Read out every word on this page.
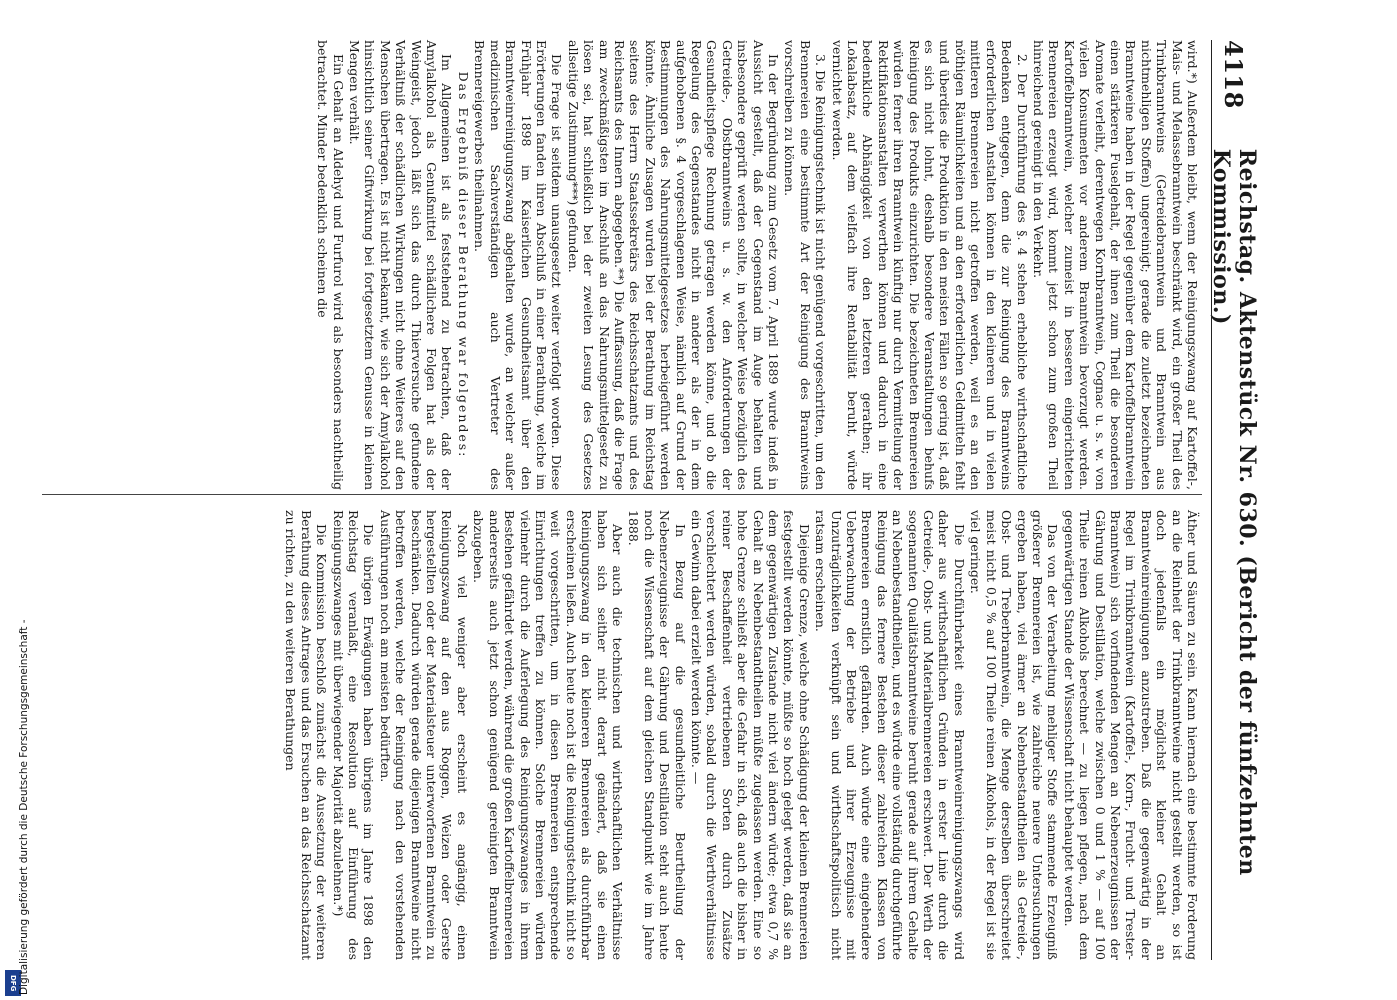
4118
Reichstag. Aktenstück Nr. 630. (Bericht der fünfzehnten Kommission.)

wird.*) Außerdem bleibt, wenn der Reinigungszwang auf Kartoffel-, Mais- und Melassebranntwein beschränkt wird, ein großer Theil des Trinkbranntweins (Getreidebranntwein und Branntwein aus nichtmehligen Stoffen) ungereinigt; gerade die zuletzt bezeichneten Branntweine haben in der Regel gegenüber dem Kartoffelbranntwein einen stärkeren Fuselgehalt, der ihnen zum Theil die besonderen Aromate verleiht, derentwegen Kornbranntwein, Cognac u. s. w. von vielen Konsumenten vor anderem Branntwein bevorzugt werden. Kartoffelbranntwein, welcher zumeist in besseren eingerichteten Brennereien erzeugt wird, kommt jetzt schon zum großen Theil hinreichend gereinigt in den Verkehr.

2. Der Durchführung des §. 4 stehen erhebliche wirthschaftliche Bedenken entgegen, denn die zur Reinigung des Branntweins erforderlichen Anstalten können in den kleineren und in vielen mittleren Brennereien nicht getroffen werden, weil es an den nöthigen Räumlichkeiten und an den erforderlichen Geldmitteln fehlt und überdies die Produktion in den meisten Fällen so gering ist, daß es sich nicht lohnt, deshalb besondere Veranstaltungen behufs Reinigung des Produkts einzurichten. Die bezeichneten Brennereien würden ferner ihren Branntwein künftig nur durch Vermittelung der Rektifikationsanstalten verwerthen können und dadurch in eine bedenkliche Abhängigkeit von den letzteren gerathen; ihr Lokalabsatz, auf dem vielfach ihre Rentabilität beruht, würde vernichtet werden.

3. Die Reinigungstechnik ist nicht genügend vorgeschritten, um den Brennereien eine bestimmte Art der Reinigung des Branntweins vorschreiben zu können.

In der Begründung zum Gesetz vom 7. April 1889 wurde indeß in Aussicht gestellt, daß der Gegenstand im Auge behalten und insbesondere geprüft werden sollte, in welcher Weise bezüglich des Getreide-, Obstbranntweins u. s. w. den Anforderungen der Gesundheitspflege Rechnung getragen werden könne, und ob die Regelung des Gegenstandes nicht in anderer als der in dem aufgehobenen §. 4 vorgeschlagenen Weise, nämlich auf Grund der Bestimmungen des Nahrungsmittelgesetzes herbeigeführt werden könnte. Ähnliche Zusagen wurden bei der Berathung im Reichstag seitens des Herrn Staatssekretärs des Reichsschatzamts und des Reichsamts des Innern abgegeben.**) Die Auffassung, daß die Frage am zweckmäßigsten im Anschluß an das Nahrungsmittelgesetz zu lösen sei, hat schließlich bei der zweiten Lesung des Gesetzes allseitige Zustimmung***) gefunden.

Die Frage ist seitdem unausgesetzt weiter verfolgt worden. Diese Erörterungen fanden ihren Abschluß in einer Berathung, welche im Frühjahr 1898 im Kaiserlichen Gesundheitsamt über den Branntweinreinigungszwang abgehalten wurde, an welcher außer medizinischen Sachverständigen auch Vertreter des Brennereigewerbes theilnahmen.

Das Ergebniß dieser Berathung war folgendes:

Im Allgemeinen ist als feststehend zu betrachten, daß der Amylalkohol als Genußmittel schädlichere Folgen hat als der Weingeist, jedoch läßt sich das durch Thierversuche gefundene Verhältniß der schädlichen Wirkungen nicht ohne Weiteres auf den Menschen übertragen. Es ist nicht bekannt, wie sich der Amylalkohol hinsichtlich seiner Giftwirkung bei fortgesetztem Genusse in kleinen Mengen verhält.

Ein Gehalt an Aldehyd und Furfurol wird als besonders nachtheilig betrachtet. Minder bedenklich scheinen die

Äther und Säuren zu sein. Kann hiernach eine bestimmte Forderung an die Reinheit der Trinkbranntweine nicht gestellt werden, so ist doch jedenfalls ein möglichst kleiner Gehalt an Branntweinreinigungen anzustreben. Daß die gegenwärtig in der Regel im Trinkbranntwein (Kartoffel-, Korn-, Frucht- und Trester-Branntwein) sich vorfindenden Mengen an Nebenerzeugnissen der Gährung und Destillation, welche zwischen 0 und 1 % — auf 100 Theile reinen Alkohols berechnet — zu liegen pflegen, nach dem gegenwärtigen Stande der Wissenschaft nicht behauptet werden.

Das von der Verarbeitung mehliger Stoffe stammende Erzeugniß größerer Brennereien ist, wie zahlreiche neuere Untersuchungen ergeben haben, viel ärmer an Nebenbestandtheilen als Getreide-, Obst- und Treberbranntwein, die Menge derselben überschreitet meist nicht 0,5 % auf 100 Theile reinen Alkohols, in der Regel ist sie viel geringer.

Die Durchführbarkeit eines Branntweinreinigungszwangs wird daher aus wirthschaftlichen Gründen in erster Linie durch die Getreide-, Obst- und Materialbrennereien erschwert. Der Werth der sogenannten Qualitätsbranntweine beruht gerade auf ihrem Gehalte an Nebenbestandtheilen, und es würde eine vollständig durchgeführte Reinigung das fernere Bestehen dieser zahlreichen Klassen von Brennereien ernstlich gefährden. Auch würde eine eingehendere Ueberwachung der Betriebe und ihrer Erzeugnisse mit Unzuträglichkeiten verknüpft sein und wirthschaftspolitisch nicht ratsam erscheinen.

Diejenige Grenze, welche ohne Schädigung der kleinen Brennereien festgestellt werden könnte, müßte so hoch gelegt werden, daß sie an dem gegenwärtigen Zustande nicht viel ändern würde; etwa 0,7 % Gehalt an Nebenbestandtheilen müßte zugelassen werden. Eine so hohe Grenze schließt aber die Gefahr in sich, daß auch die bisher in reiner Beschaffenheit vertriebenen Sorten durch Zusätze verschlechtert werden würden, sobald durch die Werthverhältnisse ein Gewinn dabei erzielt werden könnte. —

In Bezug auf die gesundheitliche Beurtheilung der Nebenerzeugnisse der Gährung und Destillation steht auch heute noch die Wissenschaft auf dem gleichen Standpunkt wie im Jahre 1888.

Aber auch die technischen und wirthschaftlichen Verhältnisse haben sich seither nicht derart geändert, daß sie einen Reinigungszwang in den kleineren Brennereien als durchführbar erscheinen ließen. Auch heute noch ist die Reinigungstechnik nicht so weit vorgeschritten, um in diesen Brennereien entsprechende Einrichtungen treffen zu können. Solche Brennereien würden vielmehr durch die Auferlegung des Reinigungszwanges in ihrem Bestehen gefährdet werden, während die großen Kartoffelbrennereien andererseits auch jetzt schon genügend gereinigten Branntwein abzugeben.

Noch viel weniger aber erscheint es angängig, einen Reinigungszwang auf den aus Roggen, Weizen oder Gerste hergestellten oder der Materialsteuer unterworfenen Branntwein zu beschränken. Dadurch würden gerade diejenigen Branntweine nicht betroffen werden, welche der Reinigung nach den vorstehenden Ausführungen noch am meisten bedürften.

Die übrigen Erwägungen haben übrigens im Jahre 1898 den Reichstag veranlaßt, eine Resolution auf Einführung des Reinigungszwanges mit überwiegender Majorität abzulehnen.*)

Die Kommission beschloß zunächst die Aussetzung der weiteren Berathung dieses Antrages und das Ersuchen an das Reichsschatzamt zu richten, zu den weiteren Berathungen

DFG Digitalisierung gefördert durch die Deutsche Forschungsgemeinschaft -
